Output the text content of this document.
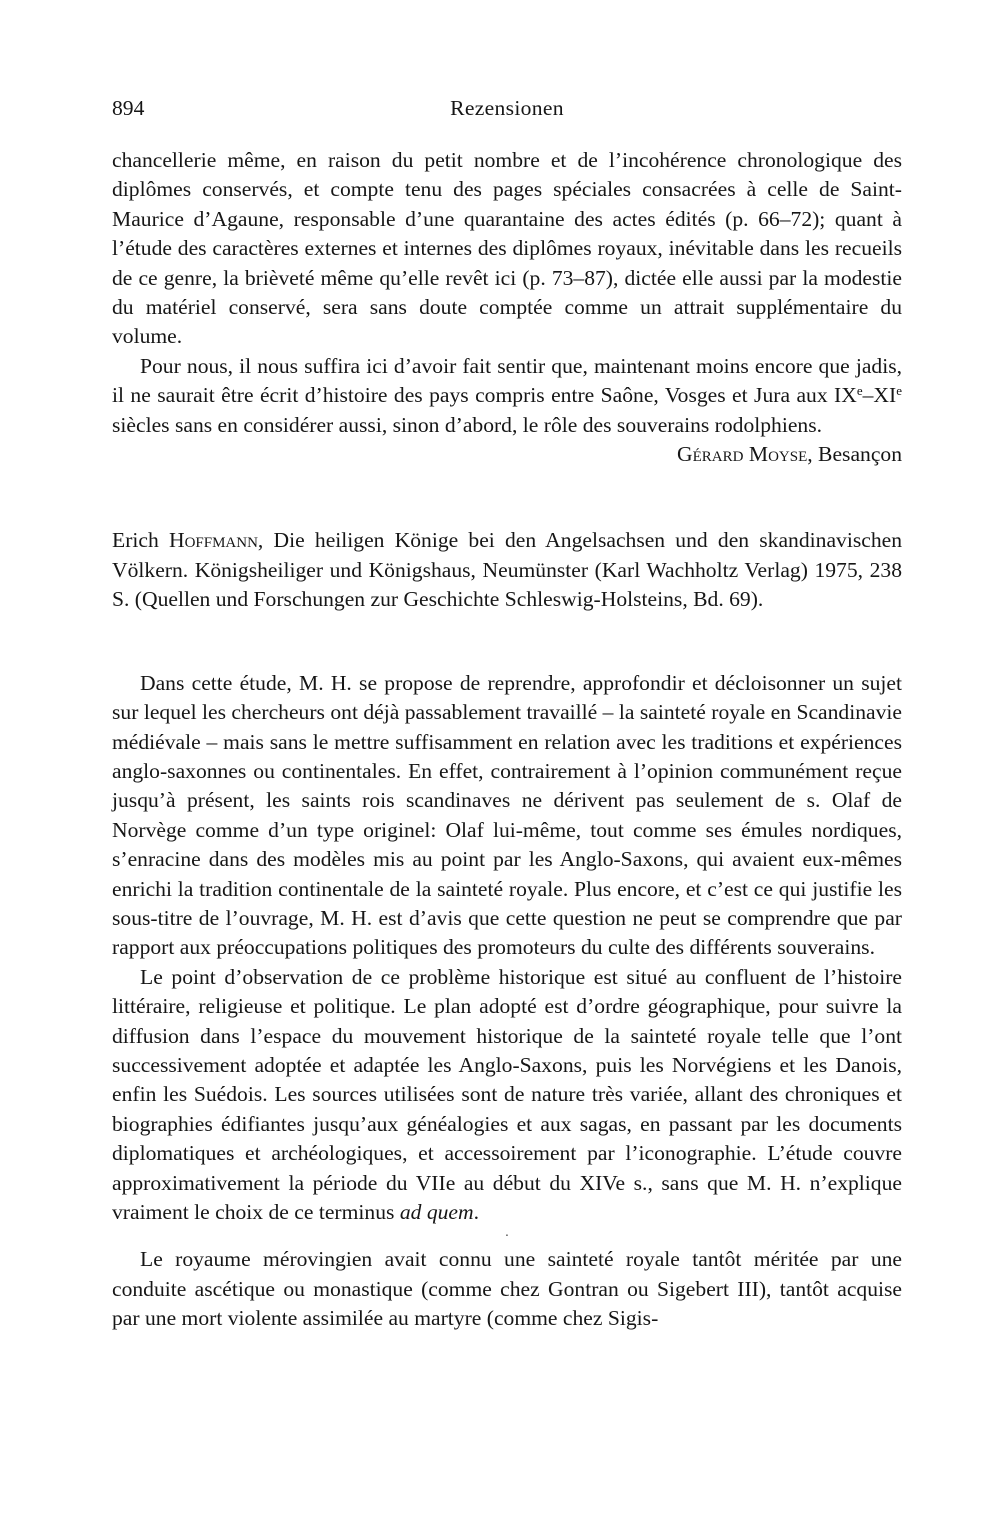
894	Rezensionen

chancellerie même, en raison du petit nombre et de l’incohérence chronologique des diplômes conservés, et compte tenu des pages spéciales consacrées à celle de Saint-Maurice d’Agaune, responsable d’une quarantaine des actes édités (p. 66–72); quant à l’étude des caractères externes et internes des diplômes royaux, inévitable dans les recueils de ce genre, la brièveté même qu’elle revêt ici (p. 73–87), dictée elle aussi par la modestie du matériel conservé, sera sans doute comptée comme un attrait supplémentaire du volume.

Pour nous, il nous suffira ici d’avoir fait sentir que, maintenant moins encore que jadis, il ne saurait être écrit d’histoire des pays compris entre Saône, Vosges et Jura aux IXe–XIe siècles sans en considérer aussi, sinon d’abord, le rôle des souverains rodolphiens.

Gérard Moyse, Besançon

Erich Hoffmann, Die heiligen Könige bei den Angelsachsen und den skandinavischen Völkern. Königsheiliger und Königshaus, Neumünster (Karl Wachholtz Verlag) 1975, 238 S. (Quellen und Forschungen zur Geschichte Schleswig-Holsteins, Bd. 69).

Dans cette étude, M. H. se propose de reprendre, approfondir et décloisonner un sujet sur lequel les chercheurs ont déjà passablement travaillé – la sainteté royale en Scandinavie médiévale – mais sans le mettre suffisamment en relation avec les traditions et expériences anglo-saxonnes ou continentales. En effet, contrairement à l’opinion communément reçue jusqu’à présent, les saints rois scandinaves ne dérivent pas seulement de s. Olaf de Norvège comme d’un type originel: Olaf lui-même, tout comme ses émules nordiques, s’enracine dans des modèles mis au point par les Anglo-Saxons, qui avaient eux-mêmes enrichi la tradition continentale de la sainteté royale. Plus encore, et c’est ce qui justifie les sous-titre de l’ouvrage, M. H. est d’avis que cette question ne peut se comprendre que par rapport aux préoccupations politiques des promoteurs du culte des différents souverains.

Le point d’observation de ce problème historique est situé au confluent de l’histoire littéraire, religieuse et politique. Le plan adopté est d’ordre géographique, pour suivre la diffusion dans l’espace du mouvement historique de la sainteté royale telle que l’ont successivement adoptée et adaptée les Anglo-Saxons, puis les Norvégiens et les Danois, enfin les Suédois. Les sources utilisées sont de nature très variée, allant des chroniques et biographies édifiantes jusqu’aux généalogies et aux sagas, en passant par les documents diplomatiques et archéologiques, et accessoirement par l’iconographie. L’étude couvre approximativement la période du VIIe au début du XIVe s., sans que M. H. n’explique vraiment le choix de ce terminus ad quem.

·

Le royaume mérovingien avait connu une sainteté royale tantôt méritée par une conduite ascétique ou monastique (comme chez Gontran ou Sigebert III), tantôt acquise par une mort violente assimilée au martyre (comme chez Sigis-
